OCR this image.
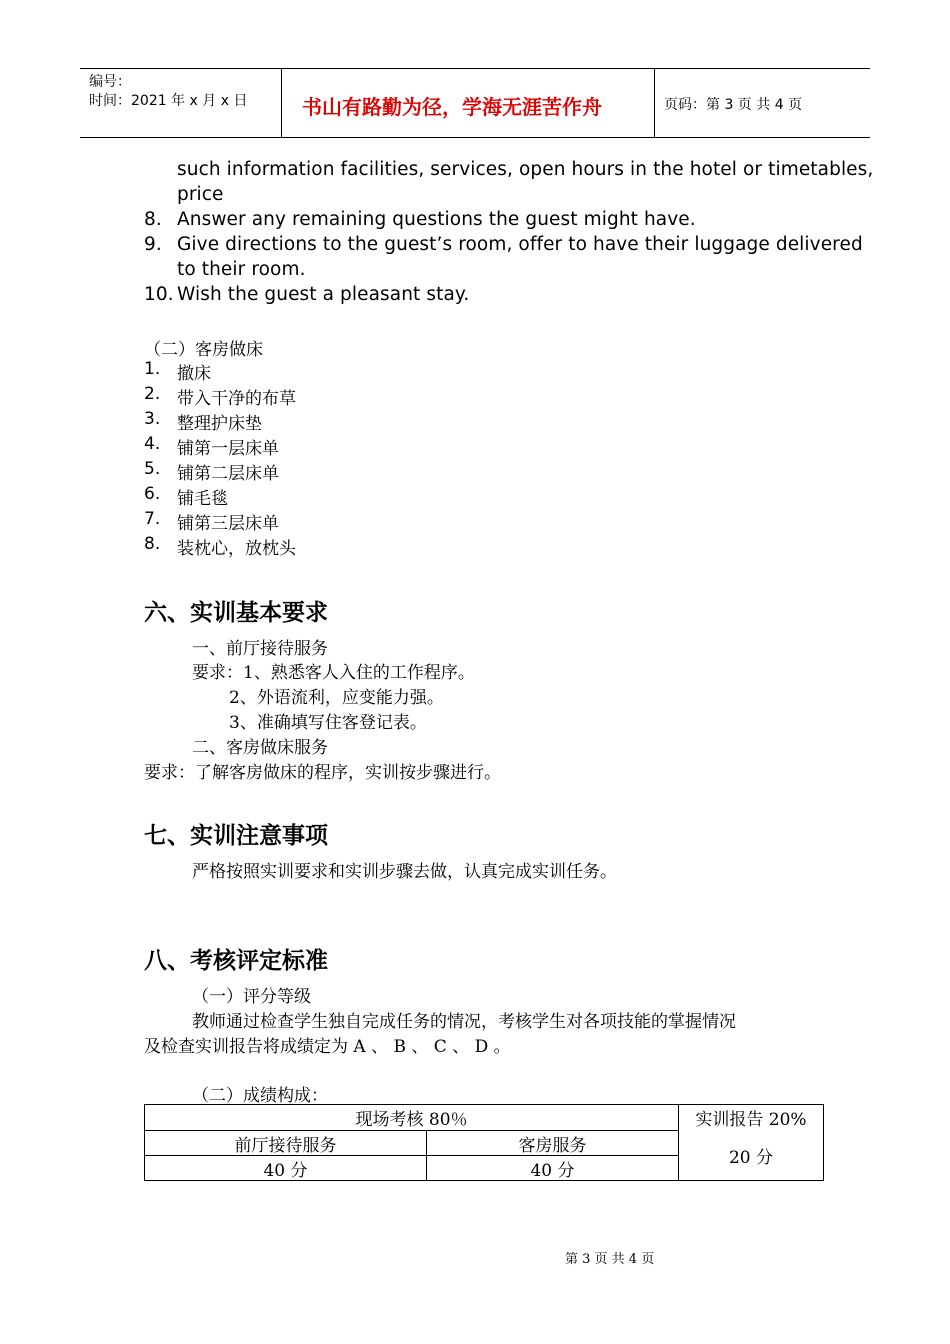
编号：
时间：2021 年 x 月 x 日	书山有路勤为径，学海无涯苦作舟	页码：第 3 页 共 4 页
such information facilities, services, open hours in the hotel or timetables,
price
8. Answer any remaining questions the guest might have.
9. Give directions to the guest’s room, offer to have their luggage delivered
to their room.
10. Wish the guest a pleasant stay.
（二）客房做床
1. 撤床
2. 带入干净的布草
3. 整理护床垫
4. 铺第一层床单
5. 铺第二层床单
6. 铺毛毯
7. 铺第三层床单
8. 装枕心，放枕头
六、实训基本要求
一、前厅接待服务
要求：1、熟悉客人入住的工作程序。
2、外语流利，应变能力强。
3、准确填写住客登记表。
二、客房做床服务
要求：了解客房做床的程序，实训按步骤进行。
七、实训注意事项
严格按照实训要求和实训步骤去做，认真完成实训任务。
八、考核评定标准
（一）评分等级
教师通过检查学生独自完成任务的情况，考核学生对各项技能的掌握情况
及检查实训报告将成绩定为 A 、 B 、 C 、 D 。
（二）成绩构成：
现场考核 80％	实训报告 20%
前厅接待服务	客房服务
40 分	40 分
20 分
第 3 页 共 4 页
